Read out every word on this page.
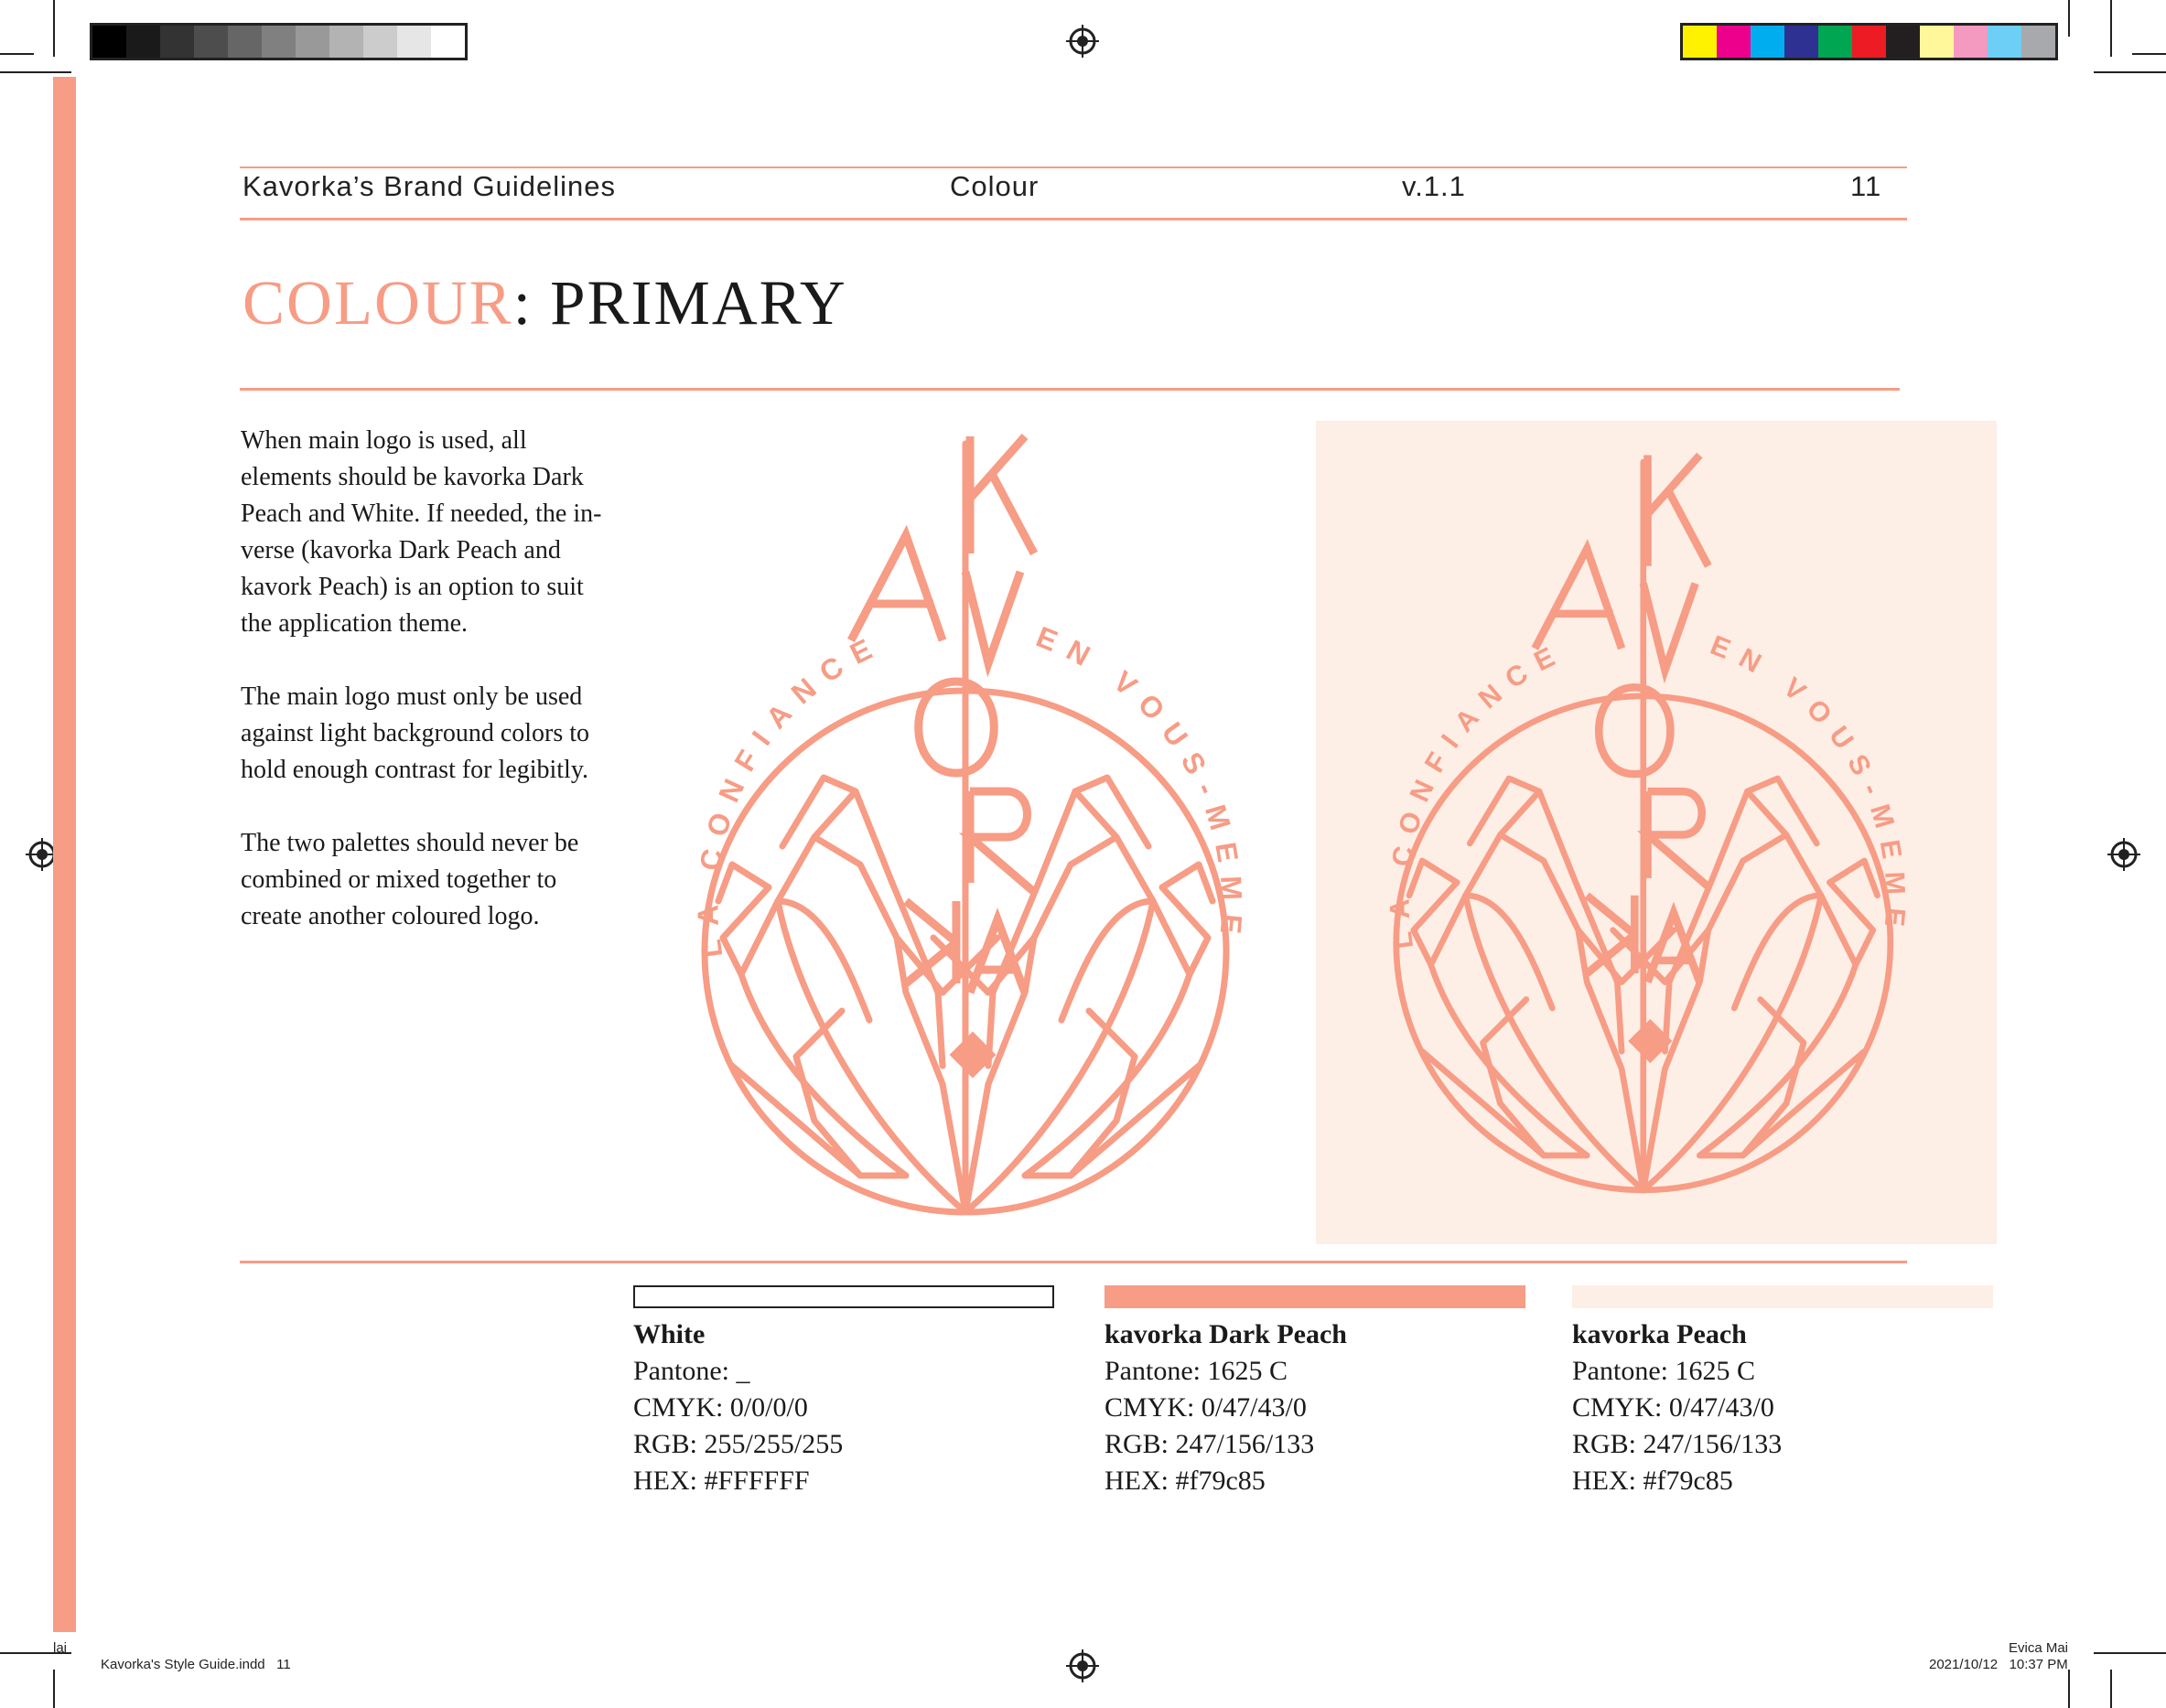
Kavorka’s Brand Guidelines	Colour	v.1.1	11
COLOUR: PRIMARY

When main logo is used, all elements should be kavorka Dark Peach and White. If needed, the in-verse (kavorka Dark Peach and kavork Peach) is an option to suit the application theme.

The main logo must only be used against light background colors to hold enough contrast for legibitly.

The two palettes should never be combined or mixed together to create another coloured logo.

LA CONFIANCE	EN VOUS-MEME	LA CONFIANCE	EN VOUS-MEME
White
Pantone: _
CMYK: 0/0/0/0
RGB: 255/255/255
HEX: #FFFFFF
kavorka Dark Peach
Pantone: 1625 C
CMYK: 0/47/43/0
RGB: 247/156/133
HEX: #f79c85
kavorka Peach
Pantone: 1625 C
CMYK: 0/47/43/0
RGB: 247/156/133
HEX: #f79c85
lai
Kavorka's Style Guide.indd   11
Evica Mai
2021/10/12   10:37 PM
